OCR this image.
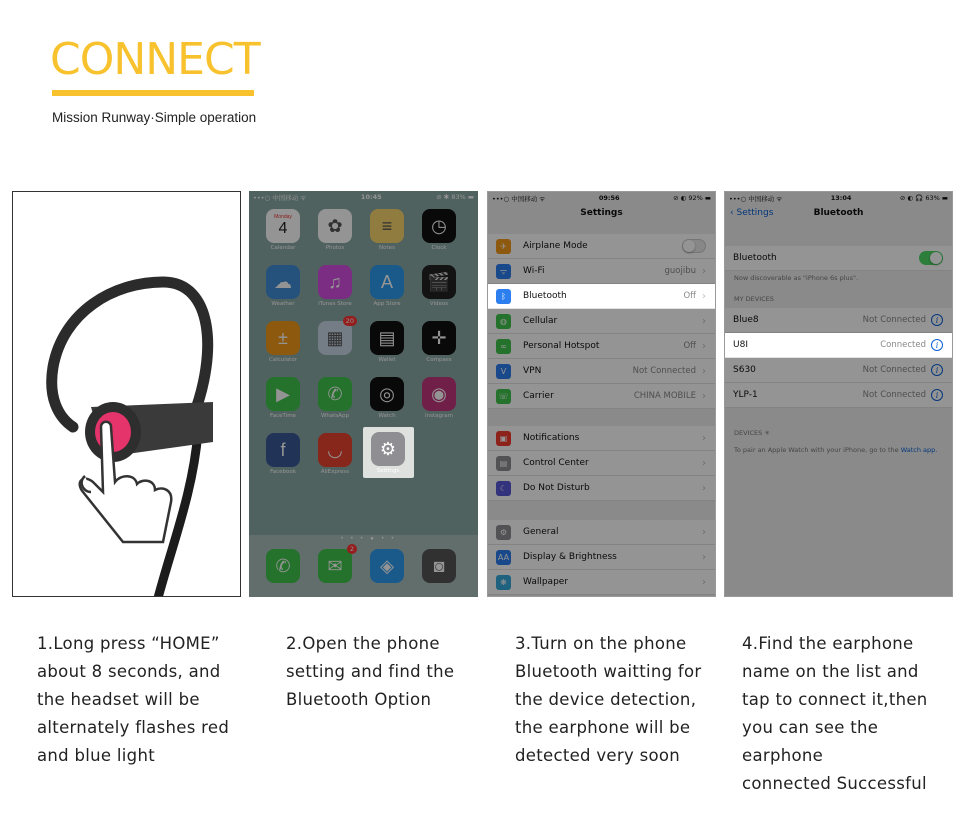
CONNECT
Mission Runway·Simple operation
•••○ 中国移动 ᯤ	10:45	⊘ ✱ 83% ▬
Monday
4
Calendar
✿
Photos
≡
Notes
◷
Clock
☁
Weather
♫
iTunes Store
A
App Store
🎬
Videos
±
Calculator
▦
20
▤
Wallet
✛
Compass
▶
FaceTime
✆
WhatsApp
◎
Watch
◉
Instagram
f
Facebook
◡
AliExpress
• • • ● • •
✆ ✉
2
◈ ◙
⚙
Settings
•••○ 中国移动 ᯤ	09:56	⊘ ◐ 92% ▬
Settings
✈	Airplane Mode
ᯤ	Wi-Fi	guojibu ›
ᛒ	Bluetooth	Off ›
◍	Cellular	›
∞	Personal Hotspot	Off ›
V	VPN	Not Connected ›
☏ Carrier	CHINA MOBILE ›
▣	Notifications	›
▤	Control Center	›
☾	Do Not Disturb	›
⚙	General	›
AA Display & Brightness	›
❋	Wallpaper	›
•••○ 中国移动 ᯤ	13:04	⊘ ◐ 🎧 63% ▬
‹ Settings	Bluetooth
Bluetooth
Now discoverable as "iPhone 6s plus".
MY DEVICES
Blue8	Not Connected	i
U8I	Connected	i
S630	Not Connected	i
YLP-1	Not Connected	i
DEVICES ✳
To pair an Apple Watch with your iPhone, go to the Watch app.
1.Long press “HOME”
about 8 seconds, and
the headset will be
alternately flashes red
and blue light
2.Open the phone
setting and find the
Bluetooth Option
3.Turn on the phone
Bluetooth waitting for
the device detection,
the earphone will be
detected very soon
4.Find the earphone
name on the list and
tap to connect it,then
you can see the earphone
connected Successful
